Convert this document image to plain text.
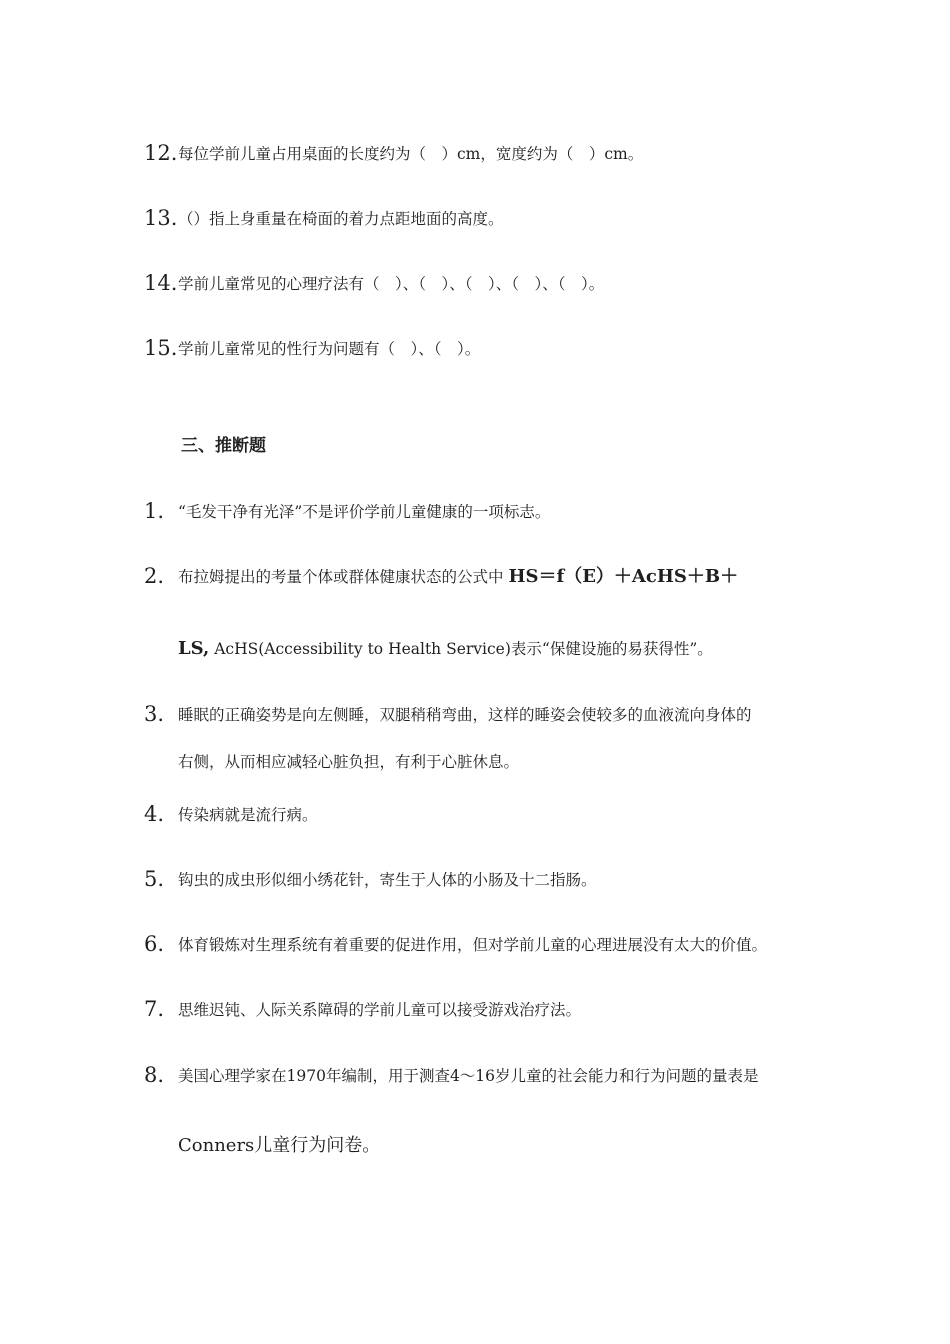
12. 每位学前儿童占用桌面的长度约为（　）cm，宽度约为（　）cm。
13. （）指上身重量在椅面的着力点距地面的高度。
14. 学前儿童常见的心理疗法有（　）、（　）、（　）、（　）、（　）。
15. 学前儿童常见的性行为问题有（　）、（　）。
三、推断题
1. “毛发干净有光泽”不是评价学前儿童健康的一项标志。
2. 布拉姆提出的考量个体或群体健康状态的公式中 HS＝f（E）＋AcHS＋B＋
LS, AcHS(Accessibility to Health Service)表示“保健设施的易获得性”。
3. 睡眠的正确姿势是向左侧睡，双腿稍稍弯曲，这样的睡姿会使较多的血液流向身体的
右侧，从而相应减轻心脏负担，有利于心脏休息。
4. 传染病就是流行病。
5. 钩虫的成虫形似细小绣花针，寄生于人体的小肠及十二指肠。
6. 体育锻炼对生理系统有着重要的促进作用，但对学前儿童的心理进展没有太大的价值。
7. 思维迟钝、人际关系障碍的学前儿童可以接受游戏治疗法。
8. 美国心理学家在1970年编制，用于测查4～16岁儿童的社会能力和行为问题的量表是
Conners儿童行为问卷。
